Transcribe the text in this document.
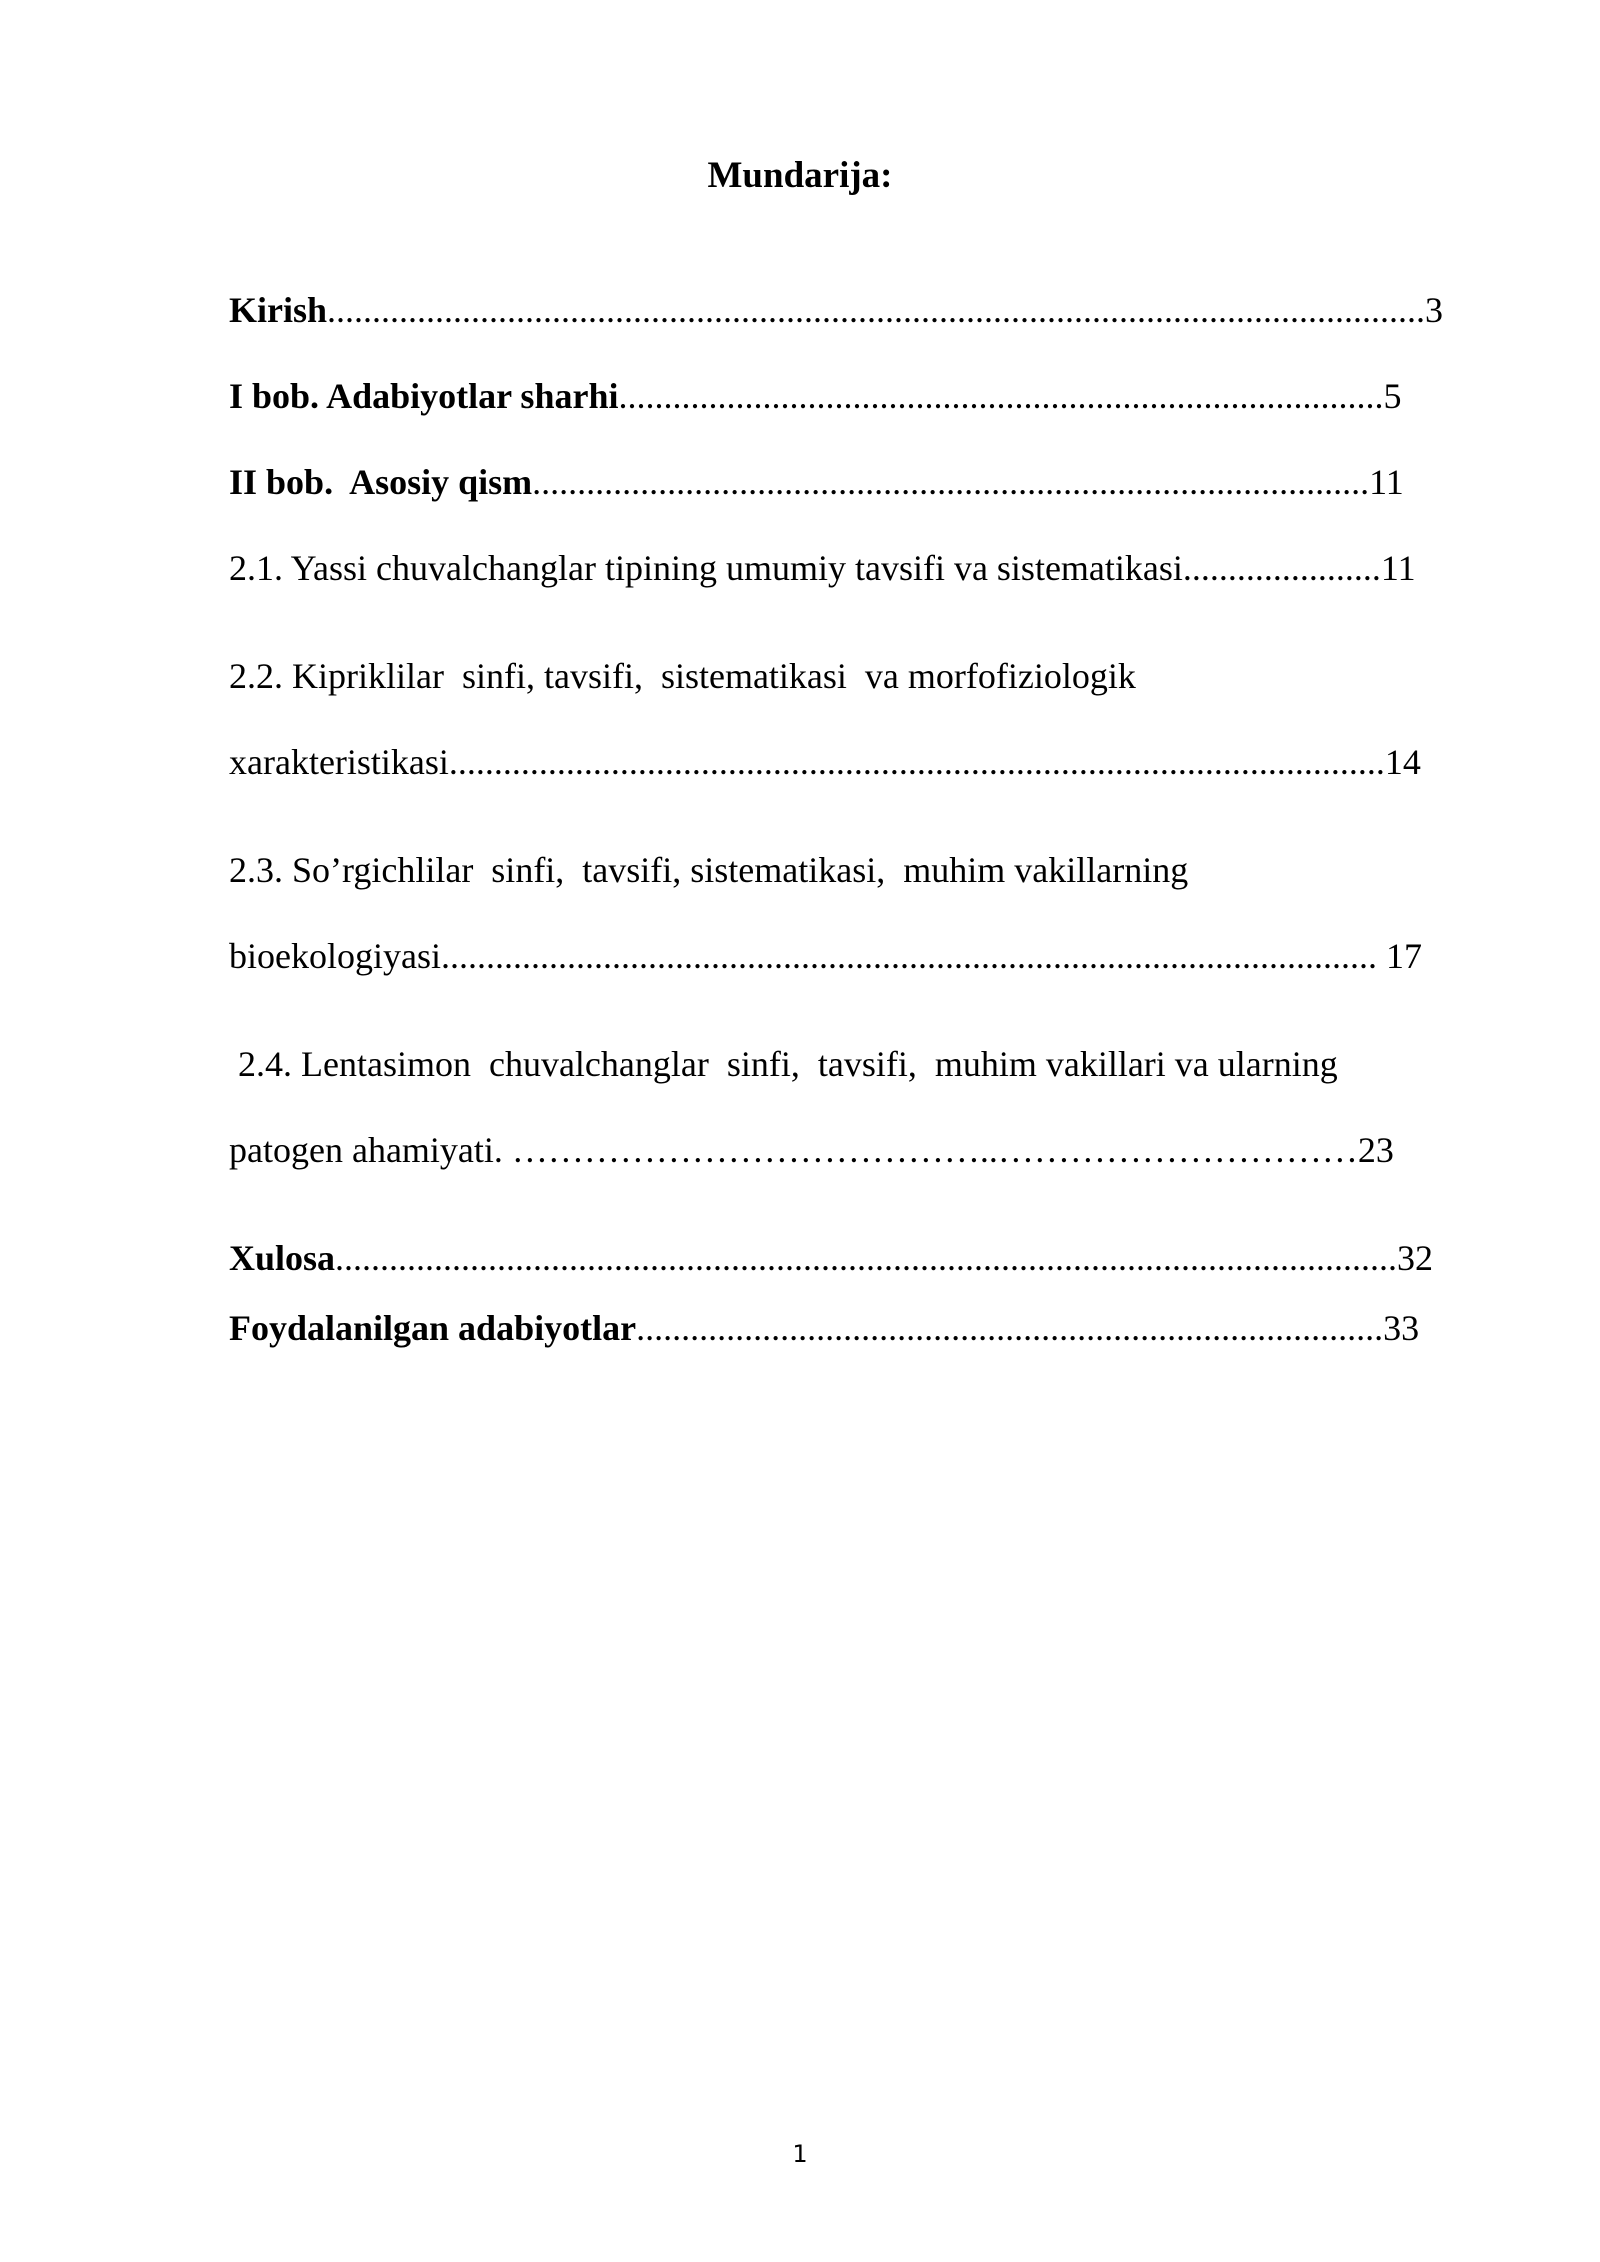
Mundarija:
Kirish..........................................................................................................................3
I bob. Adabiyotlar sharhi.....................................................................................5
II bob.  Asosiy qism.............................................................................................11
2.1. Yassi chuvalchanglar tipining umumiy tavsifi va sistematikasi......................11
2.2. Kipriklilar  sinfi, tavsifi,  sistematikasi  va morfofiziologik
xarakteristikasi........................................................................................................14
2.3. So’rgichlilar  sinfi,  tavsifi, sistematikasi,  muhim vakillarning
bioekologiyasi........................................................................................................ 17
2.4. Lentasimon  chuvalchanglar  sinfi,  tavsifi,  muhim vakillari va ularning
patogen ahamiyati. …………………………………..…………………………23
Xulosa......................................................................................................................32
Foydalanilgan adabiyotlar...................................................................................33
1
